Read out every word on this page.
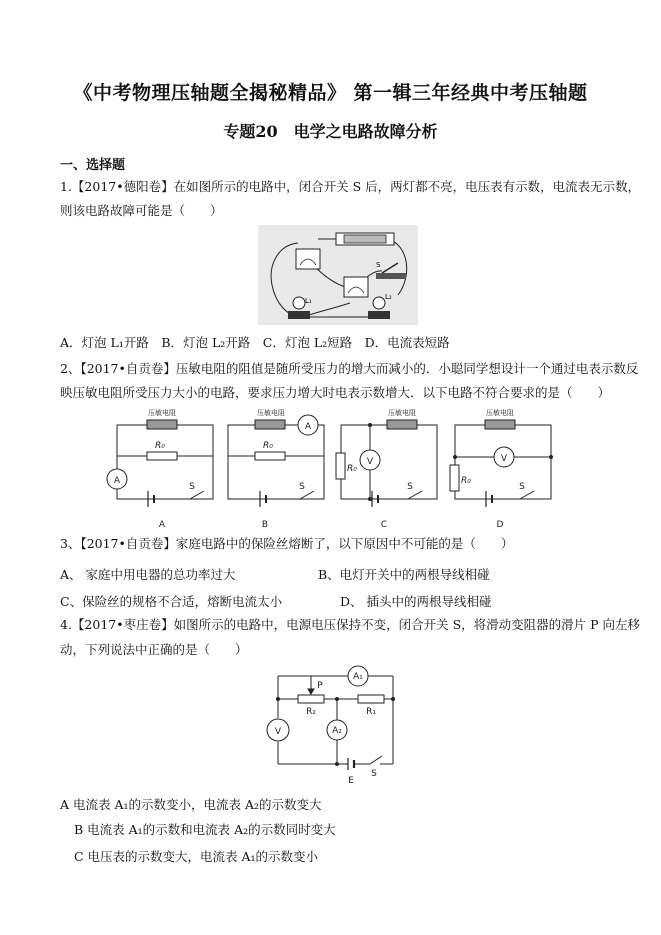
《中考物理压轴题全揭秘精品》 第一辑三年经典中考压轴题
专题20　电学之电路故障分析
一、选择题
1.【2017•德阳卷】在如图所示的电路中，闭合开关 S 后，两灯都不亮，电压表有示数，电流表无示数，
则该电路故障可能是（　　）
S
L₁	L₂
A．灯泡 L₁开路　B．灯泡 L₂开路　C．灯泡 L₂短路　D．电流表短路
2、【2017•自贡卷】压敏电阻的阻值是随所受压力的增大而减小的．小聪同学想设计一个通过电表示数反
映压敏电阻所受压力大小的电路，要求压力增大时电表示数增大．以下电路不符合要求的是（　　）
压敏电阻	压敏电阻	压敏电阻	压敏电阻
R₀	R₀
R₀
R₀
A
A
V	V
S	S	S	S
A	B	C	D
3、【2017•自贡卷】家庭电路中的保险丝熔断了，以下原因中不可能的是（　　）
A、 家庭中用电器的总功率过大	B、电灯开关中的两根导线相碰
C、保险丝的规格不合适，熔断电流太小	D、 插头中的两根导线相碰
4.【2017•枣庄卷】如图所示的电路中，电源电压保持不变，闭合开关 S，将滑动变阻器的滑片 P 向左移
动，下列说法中正确的是（　　）
A₁
V	A₂
P
R₁
R₂
E
S
A 电流表 A₁的示数变小，电流表 A₂的示数变大
B 电流表 A₁的示数和电流表 A₂的示数同时变大
C 电压表的示数变大，电流表 A₁的示数变小
